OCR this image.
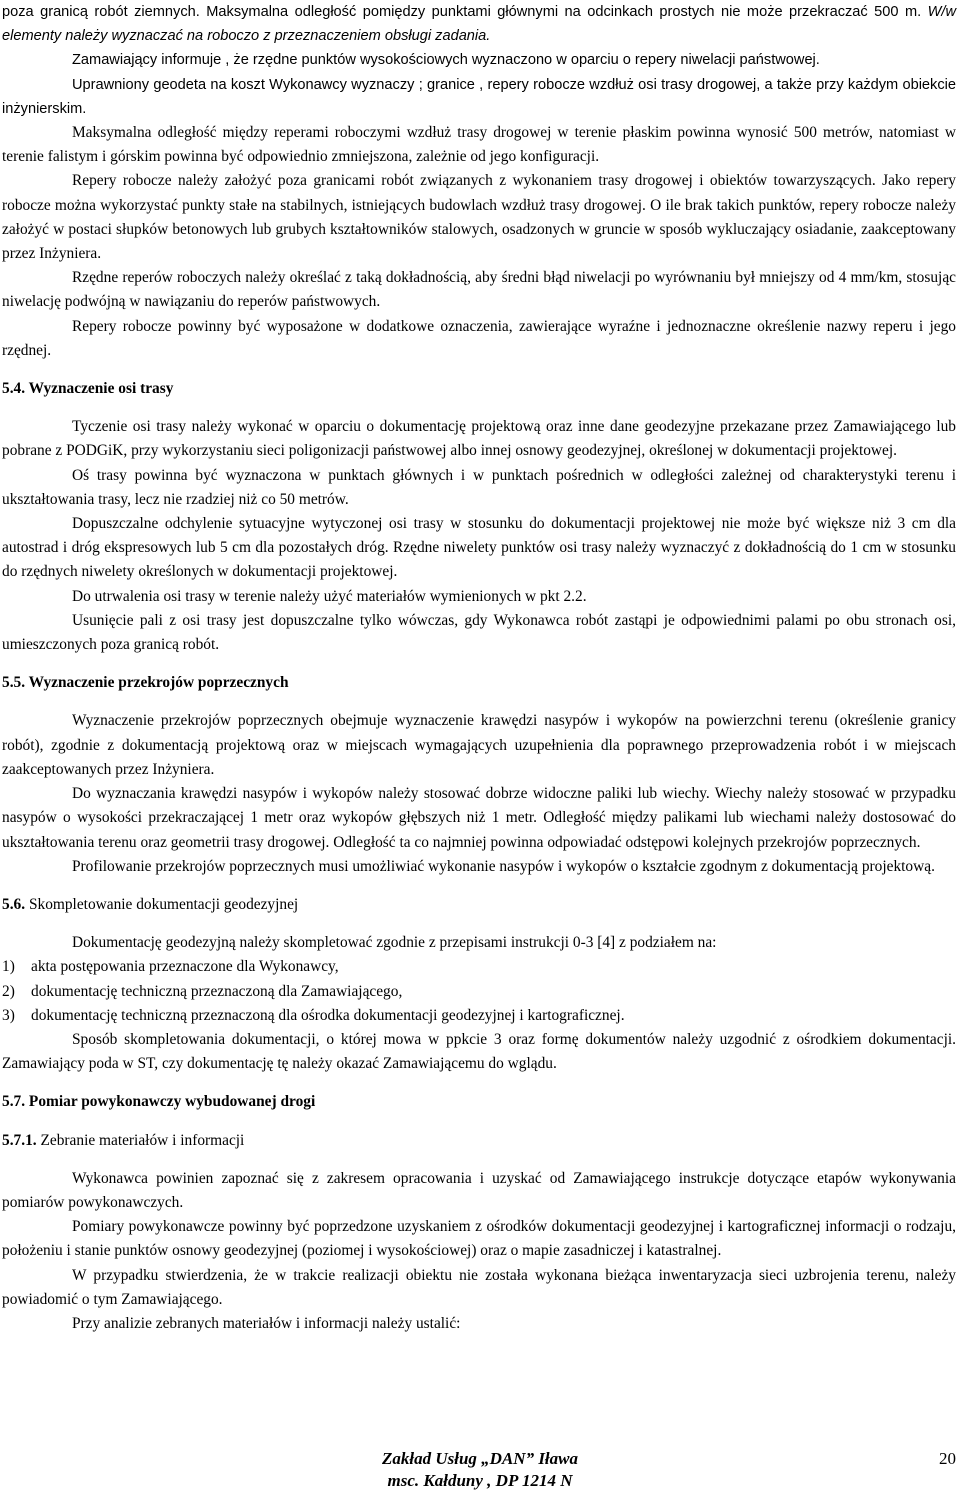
poza granicą robót ziemnych. Maksymalna odległość pomiędzy punktami głównymi na odcinkach prostych nie może przekraczać 500 m. W/w elementy należy wyznaczać na roboczo z przeznaczeniem obsługi zadania.

Zamawiający informuje , że rzędne punktów wysokościowych wyznaczono w oparciu o repery niwelacji państwowej.

Uprawniony geodeta na koszt Wykonawcy wyznaczy ; granice , repery robocze wzdłuż osi trasy drogowej, a także przy każdym obiekcie inżynierskim.

Maksymalna odległość między reperami roboczymi wzdłuż trasy drogowej w terenie płaskim powinna wynosić 500 metrów, natomiast w terenie falistym i górskim powinna być odpowiednio zmniejszona, zależnie od jego konfiguracji.

Repery robocze należy założyć poza granicami robót związanych z wykonaniem trasy drogowej i obiektów towarzyszących. Jako repery robocze można wykorzystać punkty stałe na stabilnych, istniejących budowlach wzdłuż trasy drogowej. O ile brak takich punktów, repery robocze należy założyć w postaci słupków betonowych lub grubych kształtowników stalowych, osadzonych w gruncie w sposób wykluczający osiadanie, zaakceptowany przez Inżyniera.

Rzędne reperów roboczych należy określać z taką dokładnością, aby średni błąd niwelacji po wyrównaniu był mniejszy od 4 mm/km, stosując niwelację podwójną w nawiązaniu do reperów państwowych.

Repery robocze powinny być wyposażone w dodatkowe oznaczenia, zawierające wyraźne i jednoznaczne określenie nazwy reperu i jego rzędnej.

5.4. Wyznaczenie osi trasy

Tyczenie osi trasy należy wykonać w oparciu o dokumentację projektową oraz inne dane geodezyjne przekazane przez Zamawiającego lub pobrane z PODGiK, przy wykorzystaniu sieci poligonizacji państwowej albo innej osnowy geodezyjnej, określonej w dokumentacji projektowej.

Oś trasy powinna być wyznaczona w punktach głównych i w punktach pośrednich w odległości zależnej od charakterystyki terenu i ukształtowania trasy, lecz nie rzadziej niż co 50 metrów.

Dopuszczalne odchylenie sytuacyjne wytyczonej osi trasy w stosunku do dokumentacji projektowej nie może być większe niż 3 cm dla autostrad i dróg ekspresowych lub 5 cm dla pozostałych dróg. Rzędne niwelety punktów osi trasy należy wyznaczyć z dokładnością do 1 cm w stosunku do rzędnych niwelety określonych w dokumentacji projektowej.

Do utrwalenia osi trasy w terenie należy użyć materiałów wymienionych w pkt 2.2.

Usunięcie pali z osi trasy jest dopuszczalne tylko wówczas, gdy Wykonawca robót zastąpi je odpowiednimi palami po obu stronach osi, umieszczonych poza granicą robót.

5.5. Wyznaczenie przekrojów poprzecznych

Wyznaczenie przekrojów poprzecznych obejmuje wyznaczenie krawędzi nasypów i wykopów na powierzchni terenu (określenie granicy robót), zgodnie z dokumentacją projektową oraz w miejscach wymagających uzupełnienia dla poprawnego przeprowadzenia robót i w miejscach zaakceptowanych przez Inżyniera.

Do wyznaczania krawędzi nasypów i wykopów należy stosować dobrze widoczne paliki lub wiechy. Wiechy należy stosować w przypadku nasypów o wysokości przekraczającej 1 metr oraz wykopów głębszych niż 1 metr. Odległość między palikami lub wiechami należy dostosować do ukształtowania terenu oraz geometrii trasy drogowej. Odległość ta co najmniej powinna odpowiadać odstępowi kolejnych przekrojów poprzecznych.

Profilowanie przekrojów poprzecznych musi umożliwiać wykonanie nasypów i wykopów o kształcie zgodnym z dokumentacją projektową.

5.6. Skompletowanie dokumentacji geodezyjnej

Dokumentację geodezyjną należy skompletować zgodnie z przepisami instrukcji 0-3 [4] z podziałem na:

1)	akta postępowania przeznaczone dla Wykonawcy,
2)	dokumentację techniczną przeznaczoną dla Zamawiającego,
3)	dokumentację techniczną przeznaczoną dla ośrodka dokumentacji geodezyjnej i kartograficznej.

Sposób skompletowania dokumentacji, o której mowa w ppkcie 3 oraz formę dokumentów należy uzgodnić z ośrodkiem dokumentacji. Zamawiający poda w ST, czy dokumentację tę należy okazać Zamawiającemu do wglądu.

5.7. Pomiar powykonawczy wybudowanej drogi

5.7.1. Zebranie materiałów i informacji

Wykonawca powinien zapoznać się z zakresem opracowania i uzyskać od Zamawiającego instrukcje dotyczące etapów wykonywania pomiarów powykonawczych.

Pomiary powykonawcze powinny być poprzedzone uzyskaniem z ośrodków dokumentacji geodezyjnej i kartograficznej informacji o rodzaju, położeniu i stanie punktów osnowy geodezyjnej (poziomej i wysokościowej) oraz o mapie zasadniczej i katastralnej.

W przypadku stwierdzenia, że w trakcie realizacji obiektu nie została wykonana bieżąca inwentaryzacja sieci uzbrojenia terenu, należy powiadomić o tym Zamawiającego.

Przy analizie zebranych materiałów i informacji należy ustalić:

Zakład Usług „DAN” Iława
msc. Kałduny , DP 1214 N
20
